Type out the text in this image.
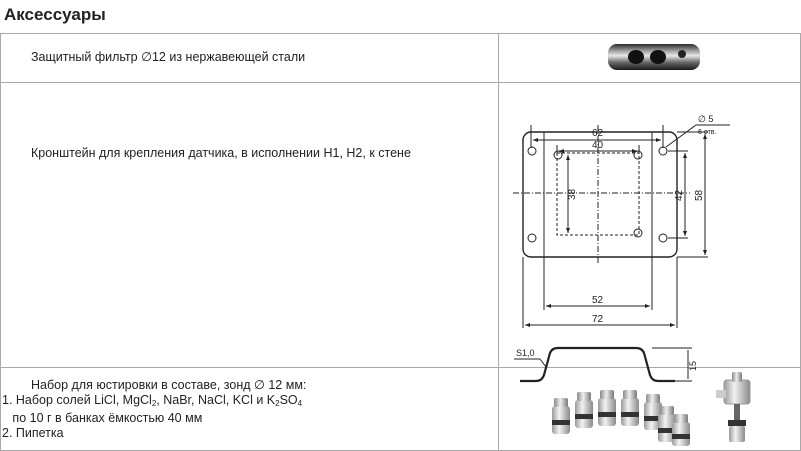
Аксессуары
Защитный фильтр ∅12 из нержавеющей стали
Кронштейн для крепления датчика, в исполнении Н1, Н2, к стене
62
40
52
72
38	42 58
∅ 5
6 отв.
S1,0
15
Набор для юстировки в составе, зонд ∅ 12 мм:
1. Набор солей LiCl, MgCl$_2$, NaBr, NaCl, KCl и $K_2SO_4$
по 10 г в банках ёмкостью 40 мм
2. Пипетка
